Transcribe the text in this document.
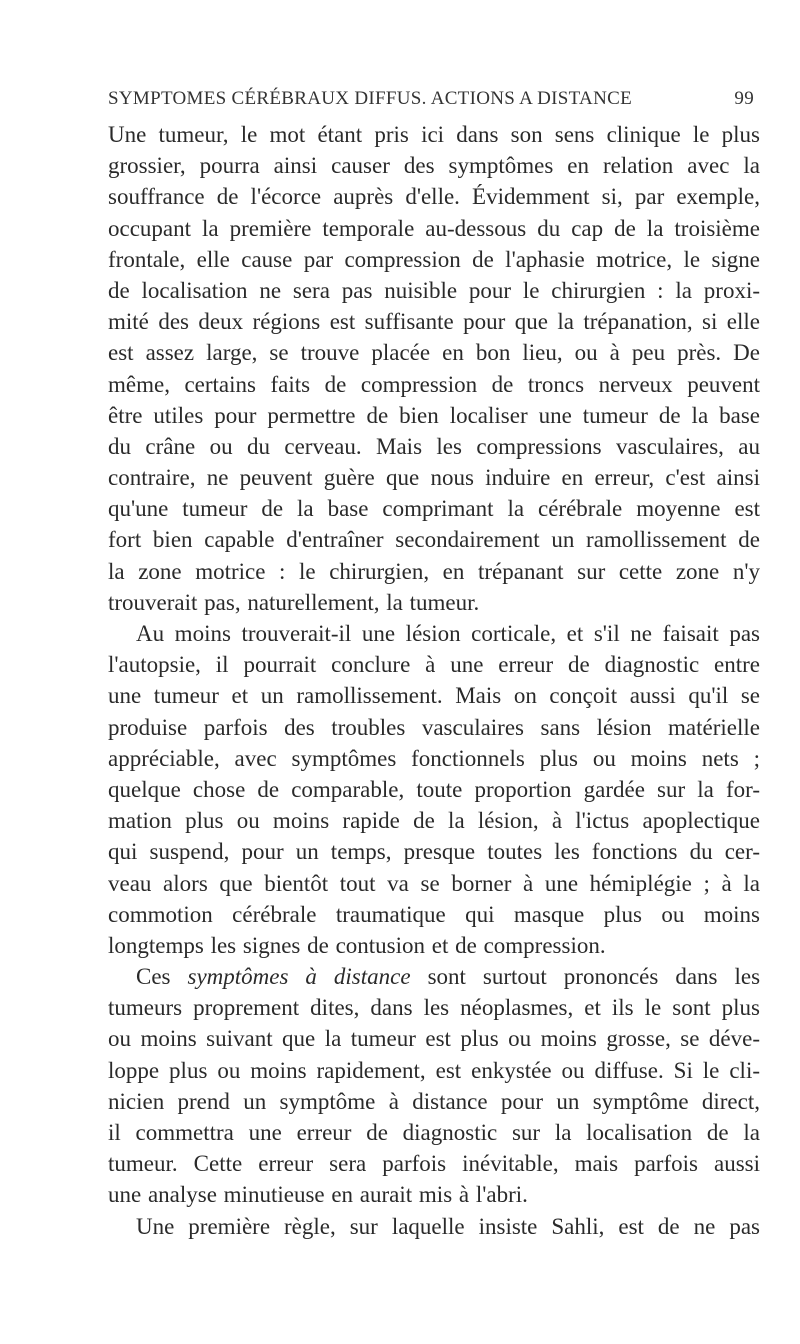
SYMPTOMES CÉRÉBRAUX DIFFUS. ACTIONS A DISTANCE	99
Une tumeur, le mot étant pris ici dans son sens clinique le plus
grossier, pourra ainsi causer des symptômes en relation avec la
souffrance de l'écorce auprès d'elle. Évidemment si, par exemple,
occupant la première temporale au-dessous du cap de la troisième
frontale, elle cause par compression de l'aphasie motrice, le signe
de localisation ne sera pas nuisible pour le chirurgien : la proxi-
mité des deux régions est suffisante pour que la trépanation, si elle
est assez large, se trouve placée en bon lieu, ou à peu près. De
même, certains faits de compression de troncs nerveux peuvent
être utiles pour permettre de bien localiser une tumeur de la base
du crâne ou du cerveau. Mais les compressions vasculaires, au
contraire, ne peuvent guère que nous induire en erreur, c'est ainsi
qu'une tumeur de la base comprimant la cérébrale moyenne est
fort bien capable d'entraîner secondairement un ramollissement de
la zone motrice : le chirurgien, en trépanant sur cette zone n'y
trouverait pas, naturellement, la tumeur.
Au moins trouverait-il une lésion corticale, et s'il ne faisait pas
l'autopsie, il pourrait conclure à une erreur de diagnostic entre
une tumeur et un ramollissement. Mais on conçoit aussi qu'il se
produise parfois des troubles vasculaires sans lésion matérielle
appréciable, avec symptômes fonctionnels plus ou moins nets ;
quelque chose de comparable, toute proportion gardée sur la for-
mation plus ou moins rapide de la lésion, à l'ictus apoplectique
qui suspend, pour un temps, presque toutes les fonctions du cer-
veau alors que bientôt tout va se borner à une hémiplégie ; à la
commotion cérébrale traumatique qui masque plus ou moins
longtemps les signes de contusion et de compression.
Ces symptômes à distance sont surtout prononcés dans les
tumeurs proprement dites, dans les néoplasmes, et ils le sont plus
ou moins suivant que la tumeur est plus ou moins grosse, se déve-
loppe plus ou moins rapidement, est enkystée ou diffuse. Si le cli-
nicien prend un symptôme à distance pour un symptôme direct,
il commettra une erreur de diagnostic sur la localisation de la
tumeur. Cette erreur sera parfois inévitable, mais parfois aussi
une analyse minutieuse en aurait mis à l'abri.
Une première règle, sur laquelle insiste Sahli, est de ne pas
